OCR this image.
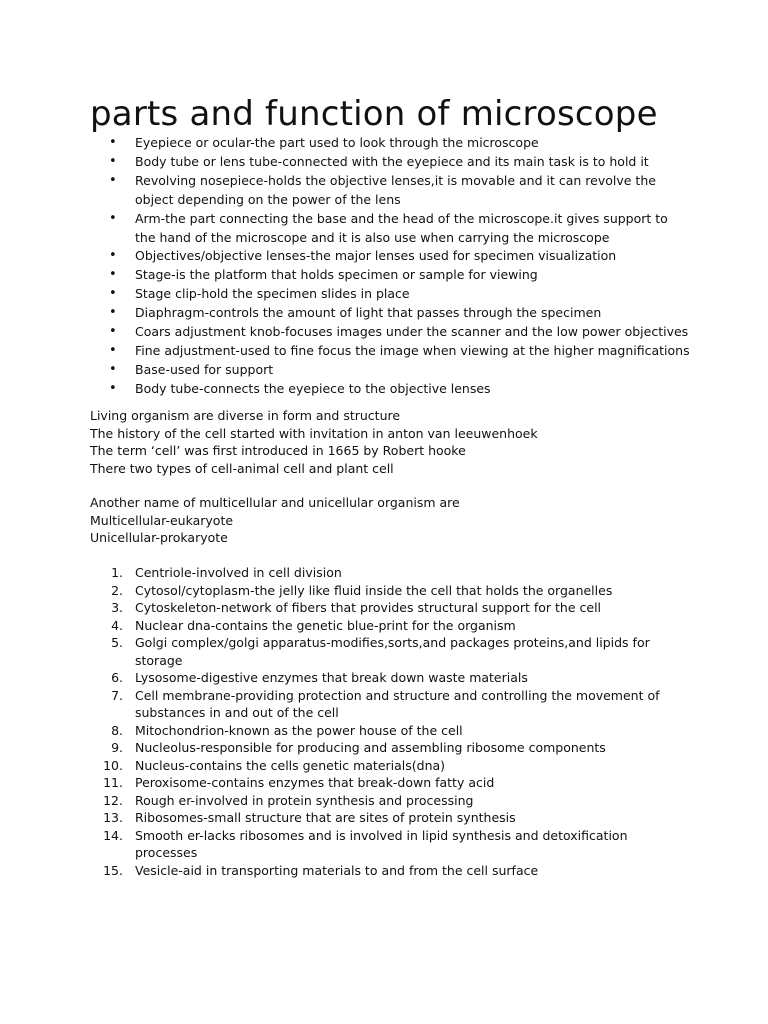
parts and function of microscope
• Eyepiece or ocular-the part used to look through the microscope
• Body tube or lens tube-connected with the eyepiece and its main task is to hold it
• Revolving nosepiece-holds the objective lenses,it is movable and it can revolve the object depending on the power of the lens
• Arm-the part connecting the base and the head of the microscope.it gives support to the hand of the microscope and it is also use when carrying the microscope
• Objectives/objective lenses-the major lenses used for specimen visualization
• Stage-is the platform that holds specimen or sample for viewing
• Stage clip-hold the specimen slides in place
• Diaphragm-controls the amount of light that passes through the specimen
• Coars adjustment knob-focuses images under the scanner and the low power objectives
• Fine adjustment-used to fine focus the image when viewing at the higher magnifications
• Base-used for support
• Body tube-connects the eyepiece to the objective lenses
Living organism are diverse in form and structure
The history of the cell started with invitation in anton van leeuwenhoek
The term ‘cell’ was first introduced in 1665 by Robert hooke
There two types of cell-animal cell and plant cell
Another name of multicellular and unicellular organism are
Multicellular-eukaryote
Unicellular-prokaryote
1. Centriole-involved in cell division
2. Cytosol/cytoplasm-the jelly like fluid inside the cell that holds the organelles
3. Cytoskeleton-network of fibers that provides structural support for the cell
4. Nuclear dna-contains the genetic blue-print for the organism
5. Golgi complex/golgi apparatus-modifies,sorts,and packages proteins,and lipids for storage
6. Lysosome-digestive enzymes that break down waste materials
7. Cell membrane-providing protection and structure and controlling the movement of substances in and out of the cell
8. Mitochondrion-known as the power house of the cell
9. Nucleolus-responsible for producing and assembling ribosome components
10. Nucleus-contains the cells genetic materials(dna)
11. Peroxisome-contains enzymes that break-down fatty acid
12. Rough er-involved in protein synthesis and processing
13. Ribosomes-small structure that are sites of protein synthesis
14. Smooth er-lacks ribosomes and is involved in lipid synthesis and detoxification processes
15. Vesicle-aid in transporting materials to and from the cell surface
